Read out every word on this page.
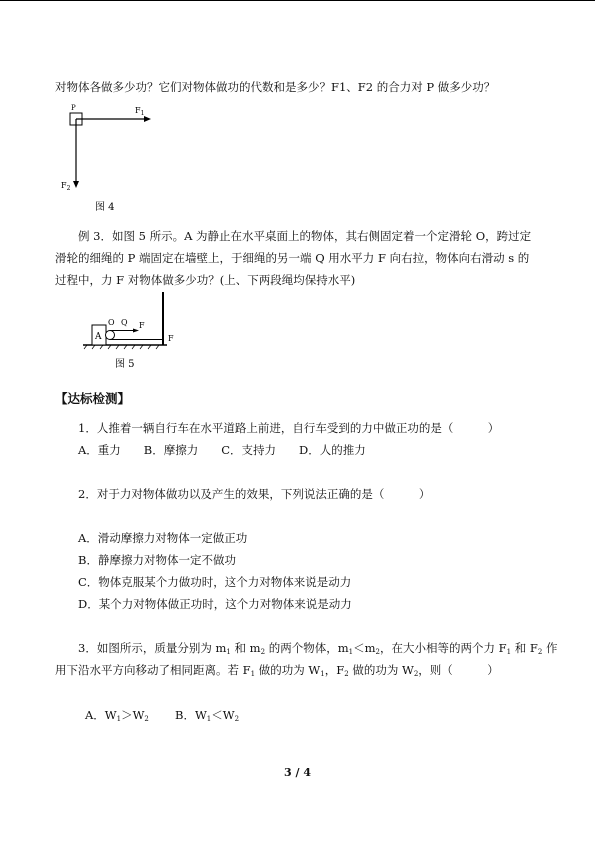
对物体各做多少功？它们对物体做功的代数和是多少？F1、F2 的合力对 P 做多少功？
P	$F_1$
$F_2$
图 4
例 3．如图 5 所示。A 为静止在水平桌面上的物体，其右侧固定着一个定滑轮 O，跨过定
滑轮的细绳的 P 端固定在墙壁上，于细绳的另一端 Q 用水平力 F 向右拉，物体向右滑动 s 的
过程中，力 F 对物体做多少功？(上、下两段绳均保持水平)
A
O Q F
F
图 5
【达标检测】
1．人推着一辆自行车在水平道路上前进，自行车受到的力中做正功的是（　　　）
A．重力　　B．摩擦力　　C．支持力　　D．人的推力
2．对于力对物体做功以及产生的效果，下列说法正确的是（　　　）
A．滑动摩擦力对物体一定做正功
B．静摩擦力对物体一定不做功
C．物体克服某个力做功时，这个力对物体来说是动力
D．某个力对物体做正功时，这个力对物体来说是动力
3．如图所示，质量分别为 $m_1$ 和 $m_2$ 的两个物体，$m_1<m_2$，在大小相等的两个力 $F_1$ 和 $F_2$ 作
用下沿水平方向移动了相同距离。若 $F_1$ 做的功为 $W_1$，$F_2$ 做的功为 $W_2$，则（　　　）
A．$W_1>W_2$ B．$W_1<W_2$
3 / 4
